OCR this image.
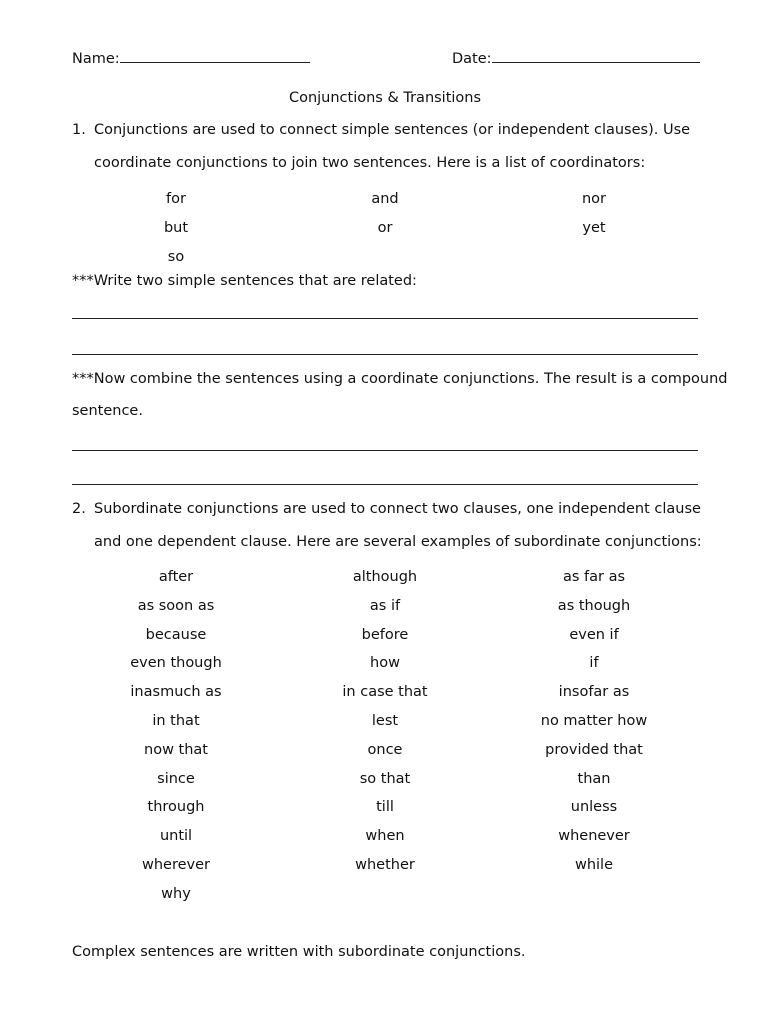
Name:	Date:
Conjunctions & Transitions
1. Conjunctions are used to connect simple sentences (or independent clauses). Use
coordinate conjunctions to join two sentences. Here is a list of coordinators:
for	and	nor
but	or	yet
so
***Write two simple sentences that are related:
***Now combine the sentences using a coordinate conjunctions. The result is a compound
sentence.
2. Subordinate conjunctions are used to connect two clauses, one independent clause
and one dependent clause. Here are several examples of subordinate conjunctions:
after	although	as far as
as soon as	as if	as though
because	before	even if
even though	how	if
inasmuch as	in case that	insofar as
in that	lest	no matter how
now that	once	provided that
since	so that	than
through	till	unless
until	when	whenever
wherever	whether	while
why
Complex sentences are written with subordinate conjunctions.
